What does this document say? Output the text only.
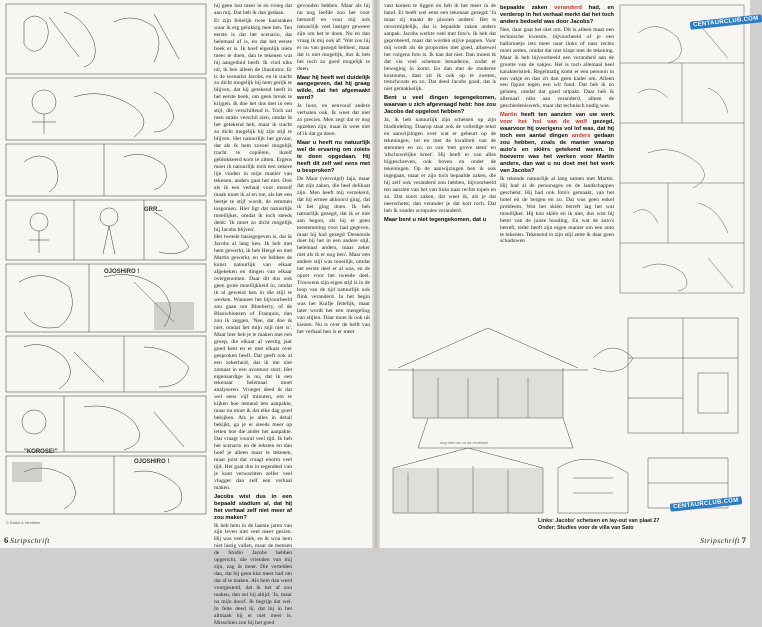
GRR...
OJOSHIRO !
OJOSHIRO !
"KOROSE!"
© Blake & Mortimer

hij geen lust meer in en vroeg dat aan mij. Dat heb ik dan gedaan.

Er zijn feitelijk twee basistaken waar ik erg gelukkig mee ben. Ten eerste is dat het scenario, dat helemaal af is, en dat het eerste boek er is. Ik hoef eigenlijk niets meer te doen, dan te tekenen wat hij aangeduid heeft. Ik vind niks uit, ik ben alleen de illustrator. Er is de scenarist Jacobs, en ik tracht zo dicht mogelijk bij hem gerijk te blijven, dat hij getekend heeft in het eerste boek, om geen breuk te krijgen. Ik doe het dus met in een stijl, die verschillend is. Toch zal men straks verschil zien, omdat ik het getekend heb, maar ik tracht zo dicht mogelijk bij zijn stijl te blijven. Het natuurlijk het gevaar, dat als ik hem zoveel mogelijk tracht te copiëren, ikzelf geblokkeerd kom te zitten. Ergens moet ik natuurlijk toch een zekere lijn vinden in mijn manier van tekenen, anders gaat het niet. Ook als ik een verhaal voor mezelf maak moet ik al en toe, als het een beetje te stijf wordt, de remmen losgooien. Hier ligt dat natuurlijk moeilijker, omdat ik toch steeds denk: 'Ik moet zo dicht mogelijk bij Jacobs blijven'.

Het tweede basisgegeven is, dat ik Jacobs al lang ken. Ik heb met hem gewerkt, ik heb Hergé en met Martin gewerkt, en we hebben de kunst natuurlijk van elkaar afgekeken en dingen van elkaar overgenomen. Daar dit dus ook geen grote moeilijkheid in, omdat ik al gewend ben in die stijl te werken. Wanneer het bijvoorbeeld zou gaan om Blueberry, of de Blauwbloezen of Franquin, dan zou ik zeggen, 'Nee, dat doe ik niet, omdat het mijn stijl niet is'. Maar hier heb je te maken met een groep, die elkaar al veertig jaar goed kent en er met elkaar over gesproken heeft. Dat geeft ook al een zekerheid, dat ik me niet zomaar in een avontuur stort. Het eigenaardige is nu, dat ik een tekenaar helemaal moet analyseren. Vroeger deed ik dat wel eens vijf minuten, om te kijken hoe iemand iets aanpakte, maar nu moet ik dat elke dag goed bekijken. Als je alles in detail bekijkt, ga je er steeds meer op letten hoe die ander het aanpakte. Dat vraagt vooral veel tijd. Ik heb het scenario en de teksten en dan hoef je alleen maar te tekenen, maar juist dat vraagt enorm veel tijd. Het gaat dus in tegendeel van je kunt verwachten zelfer veel vlugger dan zelf een verhaal maken.

Jacobs wist dus in een bepaald stadium al, dat hij het verhaal zelf niet meer af zou maken?

Ik heb hem in de laatste jaren van zijn leven niet veel meer gezien. Hij was veel ziek, en ik wou hem niet lastig vallen, maar de mensen de Studio Jacobs hebben opgericht, die vrienden van mij zijn, zag ik meer. Die vertelden dan, dat hij geen kist meer had om dat af te maken. Als hem dan werd voorgesteld, dat ik het af zou maken, dan zei hij altijd: 'Ja, maar na mijn dood'. Ik begrijp dat wel. In feite deed ik, dat hij in het allmaak hij er niet meer is. Misschien zou hij het goed

gevonden hebben. Maar als hij nu nog leefde zou het voor hemzelf en voor mij ook natuurlijk veel lastiger geweest zijn om het te doen. Nu en dan vraag ik mij ook af: 'Wat zou hij er nu van gezegd hebben', maar dat is niet mogelijk, dus ik heb het toch zo goed mogelijk te doen.

Maar hij heeft wel duidelijk aangegeven, dat hij graag wilde, dat het afgemaakt werd?

Ja hoor, en eenvoud andere verhalen ook. Ik weet dat niet zo precies. Men zegt dat er nog opzetten zijn, maar ik weet niet of ik dat ga doen.

Maar u heeft nu natuurlijk wel de ervaring om zoiets te doen opgedaan. Hij heeft dit zelf wel eens met u besproken?

De Maar (vervolgd) Jaja, maar dat zijn zaken, die heel delikaat zijn. Men heeft mij verzekerd, dat hij ermee akkoord ging, dat ik het ging doen. Ik heb natuurlijk gezegd, dat ik er niet aan begon, als hij er geen toestemming voor had gegeven, maar hij had gezegd 'Desnoods doet hij het in een andere stijl, helemaal anders, maar zeker niet als ik er nog ben'. Maar een andere stijl was moeilijk, omdat het eerste deel er al was, en de opzet voor het tweede deel. Trouwens zijn eigen stijl is in de loop van de tijd natuurlijk ook flink veranderd. In het begin was het Kuifje feitelijk, maar later wordt het een mengeling van stijlen. Daar moet ik ook uit kiezen. Nu is over de helft van het verhaal ben is er meer

vast komen te liggen en heb ik het meer in de hand. Er heeft wel eens een tekenaar gezegd: 'Ja maar zij maakt de plooien anders'. Het is onvermijdelijk, dat is bepaalde zaken anders aanpak. Jacobs werkte veel met foto's. Ik heb dat geprobeerd, maar dat worden stijve poppen. Voor mij wordt als de proporties niet goed, alhoewel het volgens foto is. Ik kan dat niet. Dan moest ik dat via veel schetsen benaderen, zodat er beweging in komt. En dan met de moderne kostuums, daar zit ik ook op te zweten, trenchcoats en zo. Dat deed Jacobs goed, dat is niet gemakkelijk.

Bent u veel dingen tegengekomen, waarvan u zich afgevraagd hebt: hoe zou Jacobs dat opgelost hebben?

Ja, ik heb natuurlijk zijn schetsen op zijn bladindeling. Daarop staat ook de volledige tekst en aanwijzingen over wat er gebeurt op de tekeningen, tot en met de kwaliteit van de stemmen en zo, zo van 'met grove stem' en 'afschuwelijke kreet'. Hij heeft er van alles bijgeschreven, ook boven en onder de tekeningen. Op de aanwijzingen ben ik ook ingegaan, maar er zijn toch bepaalde zaken, die hij zelf ook veranderd zou hebben, bijvoorbeeld ten aanzien van het van links naar rechts lopen en zo. Dat soort zaken, dat weet ik, als je dat neerschetst, dan verander je dat kort toch. Dat heb ik zonder scrupules veranderd.

Maar bent u niet tegengekomen, dat u

bepaalde zaken veranderd had, en verderop in het verhaal merkt dat het toch anders bedoeld was door Jacobs?

Nee, daar gaat het niet om. Dit is alleen maar een technische kwestie, bijvoorbeeld of je een ballonnetje iets meer naar links of naar rechts moet zetten, omdat dat niet klopt met de tekening. Maar ik heb bijvoorbeeld een veranderd aan de grootte van de vakjes. Het is toch allemaal heel karakteristiek. Regelmatig komt er een persoon in een vakje en dan zit dan geen kader om. Alleen een figuur tegen een wit fond. Dat heb ik zo gelaten, omdat dat goed uitpakt. Daar heb ik allemaal niks aan veranderd, alleen de geschiedeniswerk, maar dat technisch nodig was.

Martin heeft ten aanzien van uw werk voor het hol van de wolf gezegd, waarvoor hij overigens vol lof was, dat hij toch een aantal dingen anders gedaan zou hebben, zoals de manier waarop auto's en skiërs getekend waren. In hoeverre was het werken voor Martin anders, dan wat u nu doet met het werk van Jacobs?

Ik tekende natuurlijk al lang samen met Martin. Hij had al de personages en de landschappen geschetst. Hij had ook foto's gemaakt, van het hotel en de bergen en zo. Dat was geen enkel probleem. Wat het skiën betreft lag het wat moeilijker. Hij kon skiën en ik niet, dus wist hij beter van de juiste houding. En wat de auto's betreft, ieder heeft zijn eigen manier om een auto te tekenen. Tekenend in zijn stijl zette ik daar geen schaduwen

CENTAURCLUB.COM
nog niet wit na de ventilatie
CENTAURCLUB.COM
Links: Jacobs' schetsen en lay-out van plaat 27
Onder: Studies voor de villa van Sato
6 Stripschrift	Stripschrift 7
